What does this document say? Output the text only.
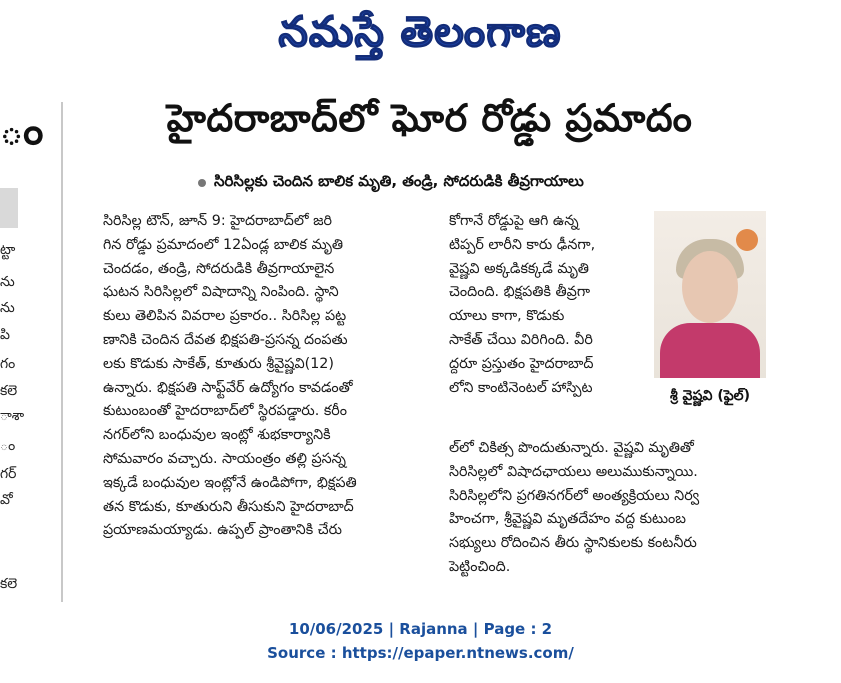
నమస్తే తెలంగాణ
ం
ట్టా
ను
ను
పి
గం
కలె
ాశా
ం
గర్
వో
కలె
హైదరాబాద్‌లో ఘోర రోడ్డు ప్రమాదం
సిరిసిల్లకు చెందిన బాలిక మృతి, తండ్రి, సోదరుడికి తీవ్రగాయాలు
సిరిసిల్ల టౌన్, జూన్ 9: హైదరాబాద్‌లో జరి
గిన రోడ్డు ప్రమాదంలో 12ఏండ్ల బాలిక మృతి
చెందడం, తండ్రి, సోదరుడికి తీవ్రగాయాలైన
ఘటన సిరిసిల్లలో విషాదాన్ని నింపింది. స్థాని
కులు తెలిపిన వివరాల ప్రకారం.. సిరిసిల్ల పట్ట
ణానికి చెందిన దేవత భిక్షపతి-ప్రసన్న దంపతు
లకు కొడుకు సాకేత్, కూతురు శ్రీవైష్ణవి(12)
ఉన్నారు. భిక్షపతి సాఫ్ట్‌వేర్ ఉద్యోగం కావడంతో
కుటుంబంతో హైదరాబాద్‌లో స్థిరపడ్డారు. కరీం
నగర్‌లోని బంధువుల ఇంట్లో శుభకార్యానికి
సోమవారం వచ్చారు. సాయంత్రం తల్లి ప్రసన్న
ఇక్కడే బంధువుల ఇంట్లోనే ఉండిపోగా, భిక్షపతి
తన కొడుకు, కూతురుని తీసుకుని హైదరాబాద్
ప్రయాణమయ్యాడు. ఉప్పల్ ప్రాంతానికి చేరు
కోగానే రోడ్డుపై ఆగి ఉన్న
టిప్పర్ లారీని కారు ఢీనగా,
వైష్ణవి అక్కడికక్కడే మృతి
చెందింది. భిక్షపతికి తీవ్రగా
యాలు కాగా, కొడుకు
సాకేత్ చేయి విరిగింది. వీరి
ద్దరూ ప్రస్తుతం హైదరాబాద్
లోని కాంటినెంటల్ హాస్పిట
ల్‌లో చికిత్స పొందుతున్నారు. వైష్ణవి మృతితో
సిరిసిల్లలో విషాదఛాయలు అలుముకున్నాయి.
సిరిసిల్లలోని ప్రగతినగర్‌లో అంత్యక్రియలు నిర్వ
హించగా, శ్రీవైష్ణవి మృతదేహం వద్ద కుటుంబ
సభ్యులు రోదించిన తీరు స్థానికులకు కంటనీరు
పెట్టించింది.
శ్రీ వైష్ణవి (ఫైల్)
10/06/2025 | Rajanna | Page : 2
Source : https://epaper.ntnews.com/
